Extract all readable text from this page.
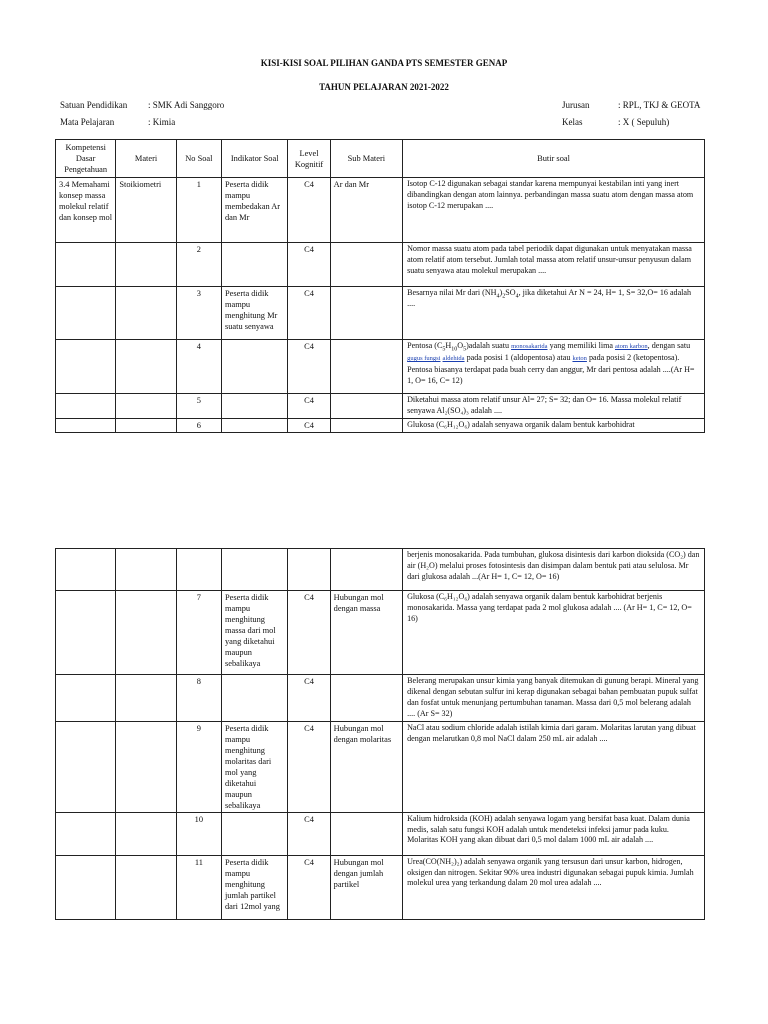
KISI-KISI SOAL PILIHAN GANDA PTS SEMESTER GENAP
TAHUN PELAJARAN 2021-2022
Satuan Pendidikan : SMK Adi Sanggoro
Mata Pelajaran	: Kimia
Jurusan	: RPL, TKJ & GEOTA
Kelas	: X ( Sepuluh)
Kompetensi Dasar Pengetahuan	Materi	No Soal	Indikator Soal	Level Kognitif	Sub Materi	Butir soal
3.4 Memahami konsep massa molekul relatif dan konsep mol	Stoikiometri	1	Peserta didik mampu membedakan Ar dan Mr	C4	Ar dan Mr	Isotop C-12 digunakan sebagai standar karena mempunyai kestabilan inti yang inert dibandingkan dengan atom lainnya. perbandingan massa suatu atom dengan massa atom isotop C-12 merupakan ....
		2		C4		Nomor massa suatu atom pada tabel periodik dapat digunakan untuk menyatakan massa atom relatif atom tersebut. Jumlah total massa atom relatif unsur-unsur penyusun dalam suatu senyawa atau molekul merupakan ....
		3	Peserta didik mampu menghitung Mr suatu senyawa	C4		Besarnya nilai Mr dari $(NH_4)_2SO_4$, jika diketahui Ar N = 24, H= 1, S= 32,O= 16 adalah ....
		4		C4		Pentosa $(C_5H_{10}O_5)adalah$ suatu monosakarida yang memiliki lima atom karbon, dengan satu gugus fungsi aldehida pada posisi 1 (aldopentosa) atau keton pada posisi 2 (ketopentosa). Pentosa biasanya terdapat pada buah cerry dan anggur, Mr dari pentosa adalah ....(Ar H= 1, O= 16, C= 12)
		5		C4		Diketahui massa atom relatif unsur Al= 27; S= 32; dan O= 16. Massa molekul relatif senyawa Al₂(SO₄)₃ adalah ....
		6		C4		Glukosa (C₆H₁₂O₆) adalah senyawa organik dalam bentuk karbohidrat
						berjenis monosakarida. Pada tumbuhan, glukosa disintesis dari karbon dioksida (CO₂) dan air (H₂O) melalui proses fotosintesis dan disimpan dalam bentuk pati atau selulosa. Mr dari glukosa adalah ...(Ar H= 1, C= 12, O= 16)
		7	Peserta didik mampu menghitung massa dari mol yang diketahui maupun sebalikaya	C4	Hubungan mol dengan massa	Glukosa (C₆H₁₂O₆) adalah senyawa organik dalam bentuk karbohidrat berjenis monosakarida. Massa yang terdapat pada 2 mol glukosa adalah .... (Ar H= 1, C= 12, O= 16)
		8		C4		Belerang merupakan unsur kimia yang banyak ditemukan di gunung berapi. Mineral yang dikenal dengan sebutan sulfur ini kerap digunakan sebagai bahan pembuatan pupuk sulfat dan fosfat untuk menunjang pertumbuhan tanaman. Massa dari 0,5 mol belerang adalah .... (Ar S= 32)
		9	Peserta didik mampu menghitung molaritas dari mol yang diketahui maupun sebalikaya	C4	Hubungan mol dengan molaritas	NaCl atau sodium chloride adalah istilah kimia dari garam. Molaritas larutan yang dibuat dengan melarutkan 0,8 mol NaCl dalam 250 mL air adalah ....
		10		C4		Kalium hidroksida (KOH) adalah senyawa logam yang bersifat basa kuat. Dalam dunia medis, salah satu fungsi KOH adalah untuk mendeteksi infeksi jamur pada kuku. Molaritas KOH yang akan dibuat dari 0,5 mol dalam 1000 mL air adalah ....
		11	Peserta didik mampu menghitung jumlah partikel dari 12mol yang	C4	Hubungan mol dengan jumlah partikel	Urea(CO(NH₂)₂) adalah senyawa organik yang tersusun dari unsur karbon, hidrogen, oksigen dan nitrogen. Sekitar 90% urea industri digunakan sebagai pupuk kimia. Jumlah molekul urea yang terkandung dalam 20 mol urea adalah ....
